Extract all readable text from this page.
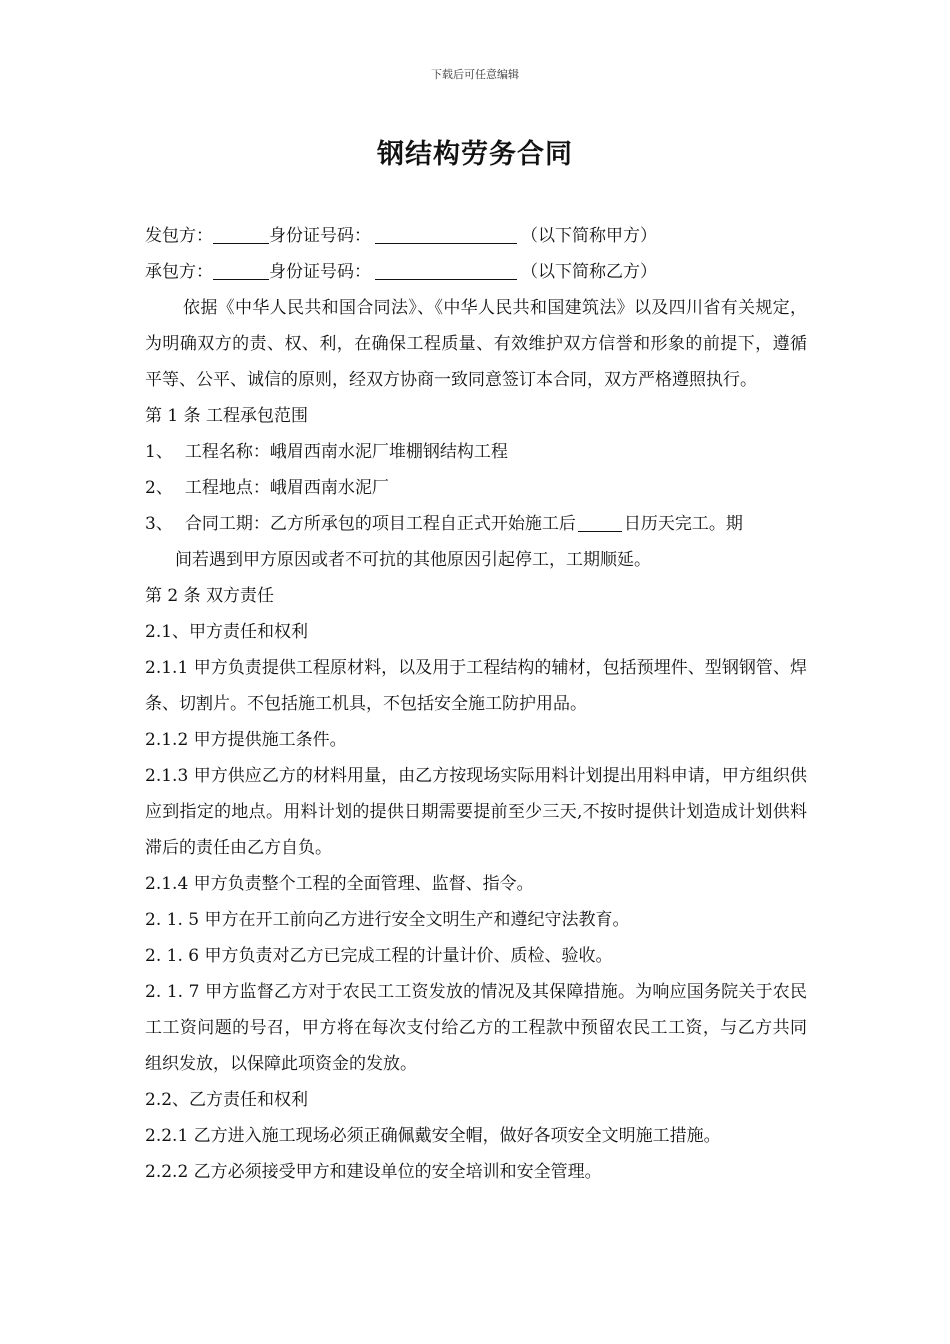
下载后可任意编辑
钢结构劳务合同
发包方：	身份证号码：	（以下简称甲方）
承包方：	身份证号码：	（以下简称乙方）
依据《中华人民共和国合同法》、《中华人民共和国建筑法》以及四川省有关规定，为明确双方的责、权、利，在确保工程质量、有效维护双方信誉和形象的前提下，遵循平等、公平、诚信的原则，经双方协商一致同意签订本合同，双方严格遵照执行。
第 1 条 工程承包范围
1、 工程名称：峨眉西南水泥厂堆棚钢结构工程
2、 工程地点：峨眉西南水泥厂
3、 合同工期：乙方所承包的项目工程自正式开始施工后	日历天完工。期
间若遇到甲方原因或者不可抗的其他原因引起停工，工期顺延。
第 2 条 双方责任
2.1、甲方责任和权利
2.1.1 甲方负责提供工程原材料，以及用于工程结构的辅材，包括预埋件、型钢钢管、焊条、切割片。不包括施工机具，不包括安全施工防护用品。
2.1.2 甲方提供施工条件。
2.1.3 甲方供应乙方的材料用量，由乙方按现场实际用料计划提出用料申请，甲方组织供应到指定的地点。用料计划的提供日期需要提前至少三天,不按时提供计划造成计划供料滞后的责任由乙方自负。
2.1.4 甲方负责整个工程的全面管理、监督、指令。
2. 1. 5 甲方在开工前向乙方进行安全文明生产和遵纪守法教育。
2. 1. 6 甲方负责对乙方已完成工程的计量计价、质检、验收。
2. 1. 7 甲方监督乙方对于农民工工资发放的情况及其保障措施。为响应国务院关于农民工工资问题的号召，甲方将在每次支付给乙方的工程款中预留农民工工资，与乙方共同组织发放，以保障此项资金的发放。
2.2、乙方责任和权利
2.2.1 乙方进入施工现场必须正确佩戴安全帽，做好各项安全文明施工措施。
2.2.2 乙方必须接受甲方和建设单位的安全培训和安全管理。
